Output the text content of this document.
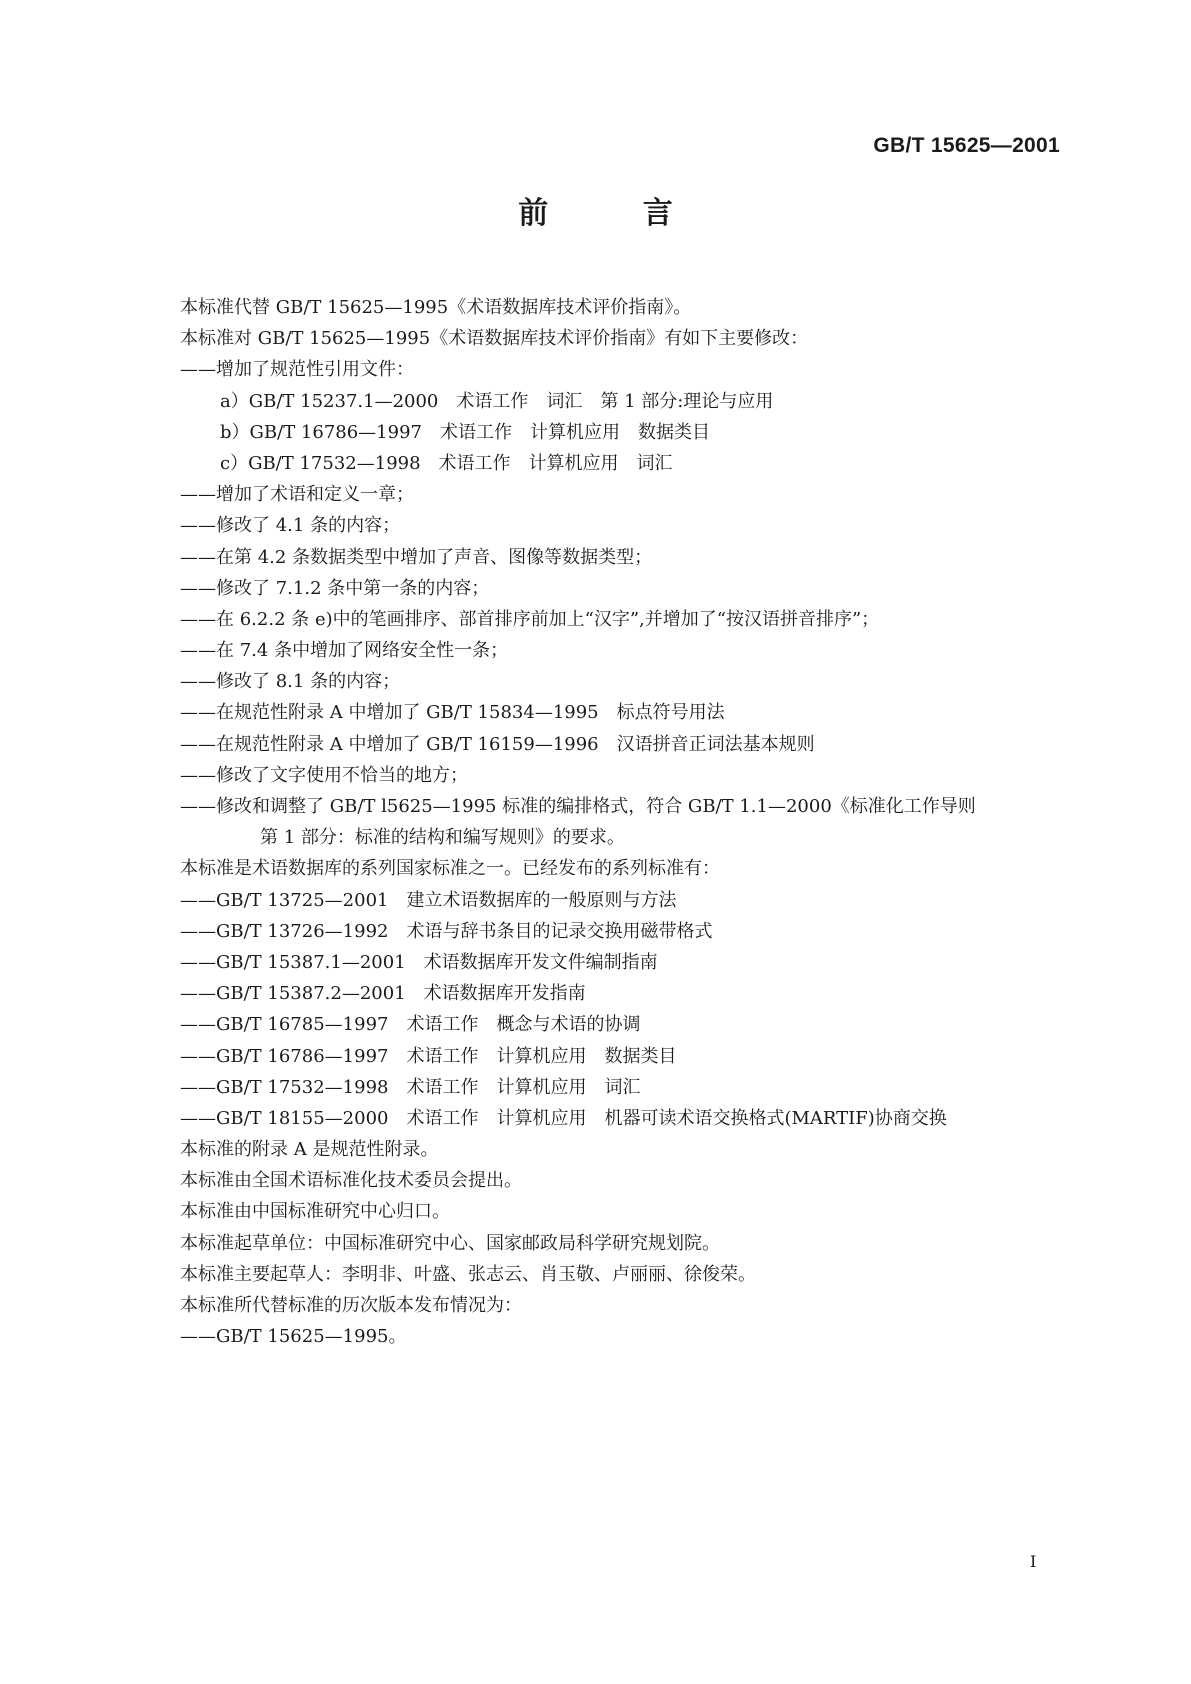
GB/T 15625—2001
前 言
本标准代替 GB/T 15625—1995《术语数据库技术评价指南》。
本标准对 GB/T 15625—1995《术语数据库技术评价指南》有如下主要修改：
——增加了规范性引用文件：
a）GB/T 15237.1—2000　术语工作　词汇　第 1 部分:理论与应用
b）GB/T 16786—1997　术语工作　计算机应用　数据类目
c）GB/T 17532—1998　术语工作　计算机应用　词汇
——增加了术语和定义一章；
——修改了 4.1 条的内容；
——在第 4.2 条数据类型中增加了声音、图像等数据类型；
——修改了 7.1.2 条中第一条的内容；
——在 6.2.2 条 e)中的笔画排序、部首排序前加上“汉字”,并增加了“按汉语拼音排序”；
——在 7.4 条中增加了网络安全性一条；
——修改了 8.1 条的内容；
——在规范性附录 A 中增加了 GB/T 15834—1995　标点符号用法
——在规范性附录 A 中增加了 GB/T 16159—1996　汉语拼音正词法基本规则
——修改了文字使用不恰当的地方；
——修改和调整了 GB/T l5625—1995 标准的编排格式，符合 GB/T 1.1—2000《标准化工作导则
第 1 部分：标准的结构和编写规则》的要求。
本标准是术语数据库的系列国家标准之一。已经发布的系列标准有：
——GB/T 13725—2001　建立术语数据库的一般原则与方法
——GB/T 13726—1992　术语与辞书条目的记录交换用磁带格式
——GB/T 15387.1—2001　术语数据库开发文件编制指南
——GB/T 15387.2—2001　术语数据库开发指南
——GB/T 16785—1997　术语工作　概念与术语的协调
——GB/T 16786—1997　术语工作　计算机应用　数据类目
——GB/T 17532—1998　术语工作　计算机应用　词汇
——GB/T 18155—2000　术语工作　计算机应用　机器可读术语交换格式(MARTIF)协商交换
本标准的附录 A 是规范性附录。
本标准由全国术语标准化技术委员会提出。
本标准由中国标准研究中心归口。
本标准起草单位：中国标准研究中心、国家邮政局科学研究规划院。
本标准主要起草人：李明非、叶盛、张志云、肖玉敬、卢丽丽、徐俊荣。
本标准所代替标准的历次版本发布情况为：
——GB/T 15625—1995。
I
